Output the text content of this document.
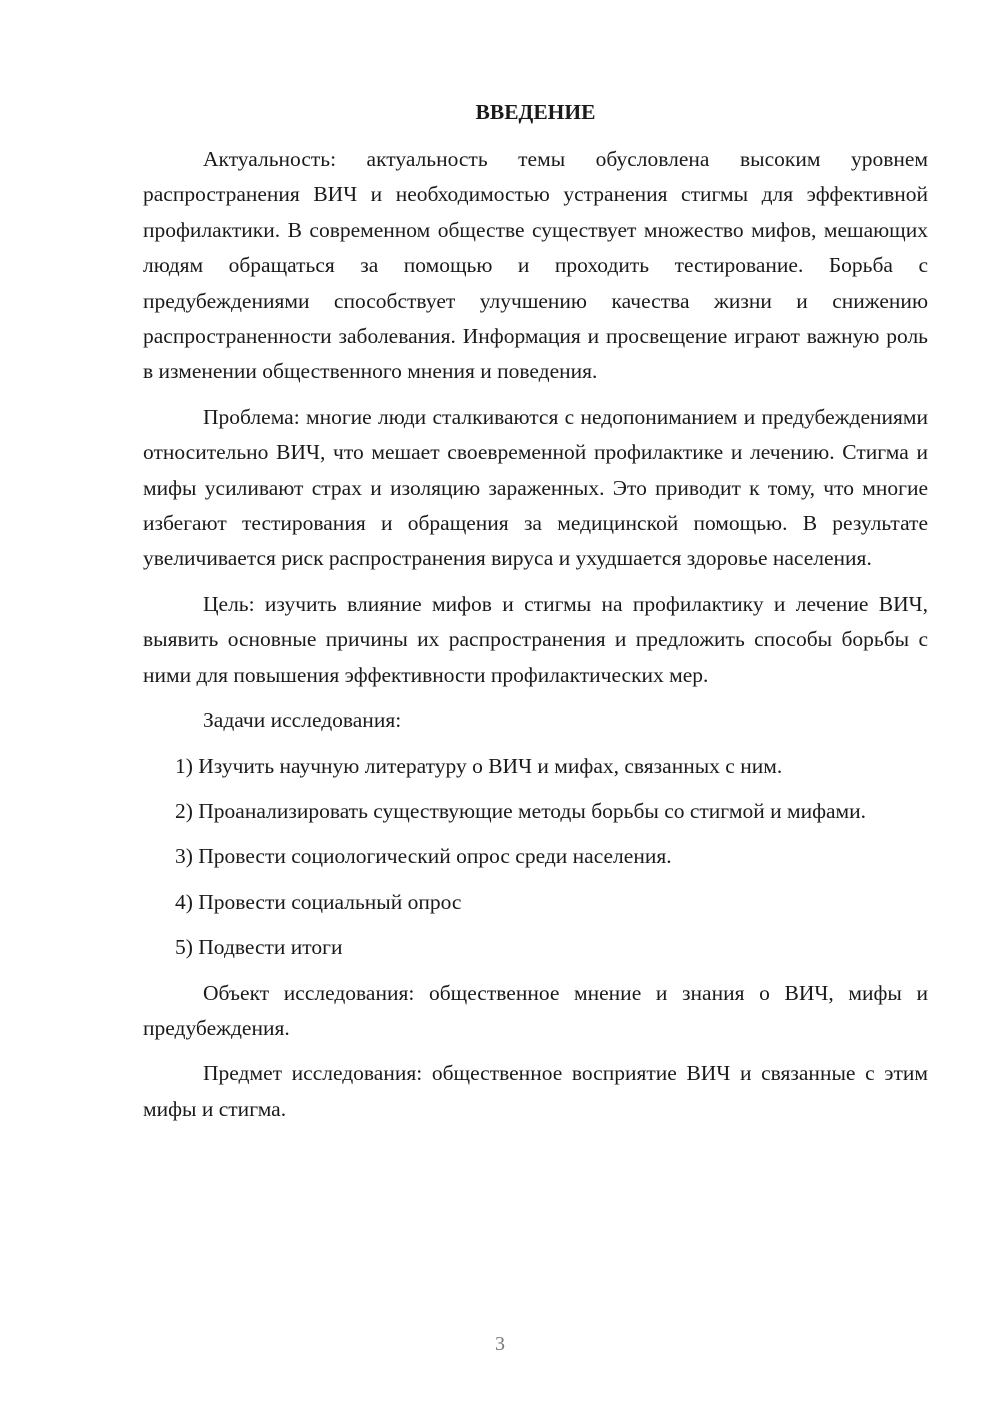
ВВЕДЕНИЕ

Актуальность: актуальность темы обусловлена высоким уровнем распространения ВИЧ и необходимостью устранения стигмы для эффективной профилактики. В современном обществе существует множество мифов, мешающих людям обращаться за помощью и проходить тестирование. Борьба с предубеждениями способствует улучшению качества жизни и снижению распространенности заболевания. Информация и просвещение играют важную роль в изменении общественного мнения и поведения.

Проблема: многие люди сталкиваются с недопониманием и предубеждениями относительно ВИЧ, что мешает своевременной профилактике и лечению. Стигма и мифы усиливают страх и изоляцию зараженных. Это приводит к тому, что многие избегают тестирования и обращения за медицинской помощью. В результате увеличивается риск распространения вируса и ухудшается здоровье населения.

Цель: изучить влияние мифов и стигмы на профилактику и лечение ВИЧ, выявить основные причины их распространения и предложить способы борьбы с ними для повышения эффективности профилактических мер.

Задачи исследования:

1) Изучить научную литературу о ВИЧ и мифах, связанных с ним.

2) Проанализировать существующие методы борьбы со стигмой и мифами.

3) Провести социологический опрос среди населения.

4) Провести социальный опрос

5) Подвести итоги

Объект исследования: общественное мнение и знания о ВИЧ, мифы и предубеждения.

Предмет исследования: общественное восприятие ВИЧ и связанные с этим мифы и стигма.

3
